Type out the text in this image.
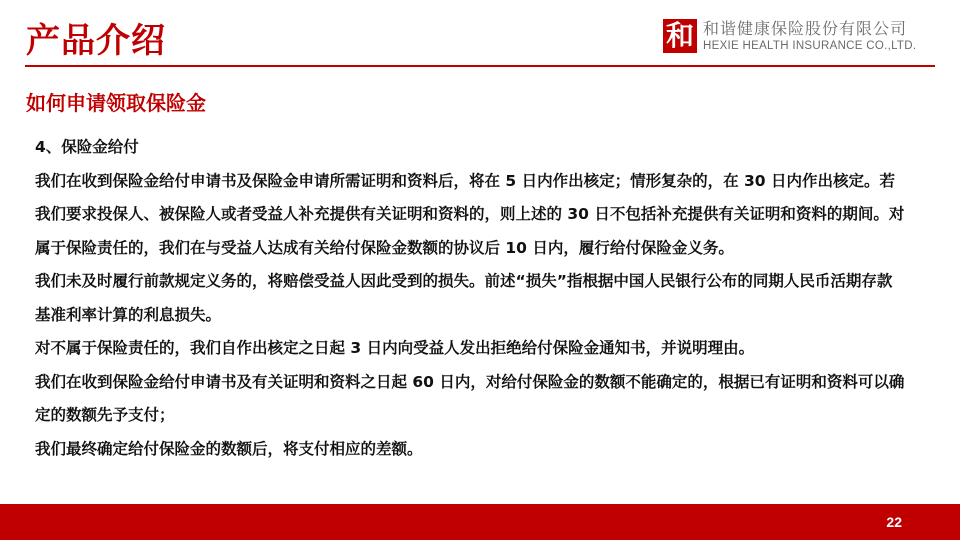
产品介绍	和 和谐健康保险股份有限公司
HEXIE HEALTH INSURANCE CO.,LTD.
如何申请领取保险金

4、保险金给付

我们在收到保险金给付申请书及保险金申请所需证明和资料后，将在 5 日内作出核定；情形复杂的，在 30 日内作出核定。若我们要求投保人、被保险人或者受益人补充提供有关证明和资料的，则上述的 30 日不包括补充提供有关证明和资料的期间。对属于保险责任的，我们在与受益人达成有关给付保险金数额的协议后 10 日内，履行给付保险金义务。

我们未及时履行前款规定义务的，将赔偿受益人因此受到的损失。前述“损失”指根据中国人民银行公布的同期人民币活期存款基准利率计算的利息损失。

对不属于保险责任的，我们自作出核定之日起 3 日内向受益人发出拒绝给付保险金通知书，并说明理由。

我们在收到保险金给付申请书及有关证明和资料之日起 60 日内，对给付保险金的数额不能确定的，根据已有证明和资料可以确定的数额先予支付；

我们最终确定给付保险金的数额后，将支付相应的差额。

22
